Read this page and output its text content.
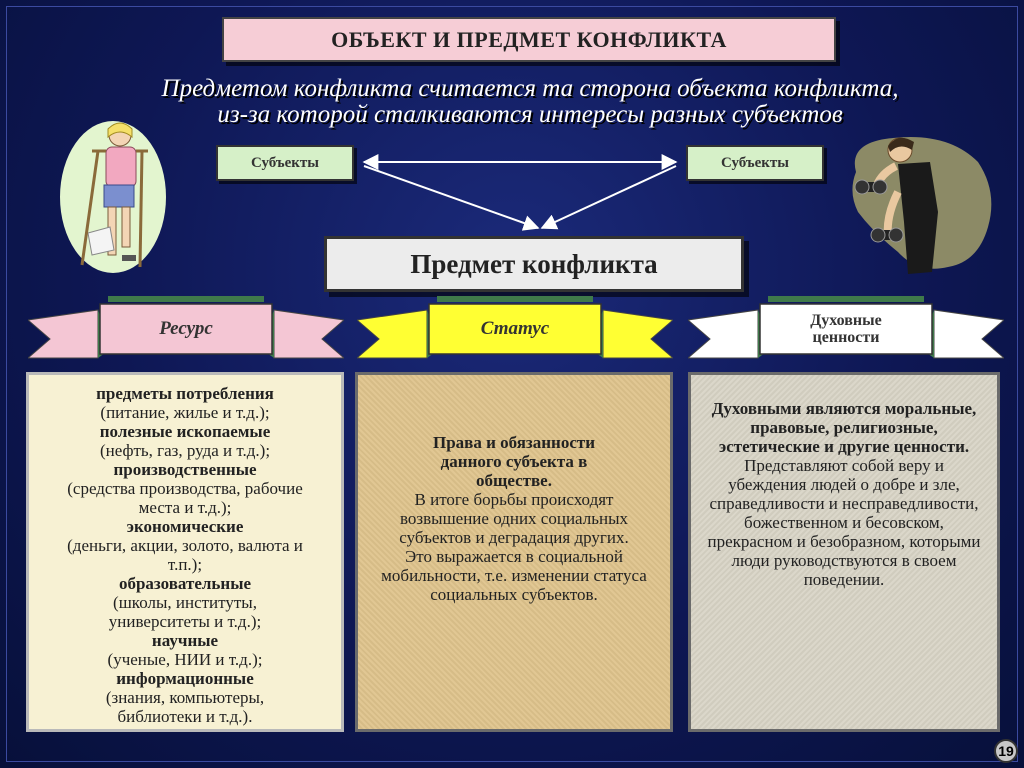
ОБЪЕКТ И ПРЕДМЕТ КОНФЛИКТА
Предметом конфликта считается та сторона объекта конфликта,
из-за которой сталкиваются интересы разных субъектов
Субъекты	Субъекты
Предмет конфликта
Ресурс	Статус	Духовные
ценности
предметы потребления
(питание, жилье и т.д.);
полезные ископаемые
(нефть, газ, руда и т.д.);
производственные
(средства производства, рабочие места и т.д.);
экономические
(деньги, акции, золото, валюта и т.п.);
образовательные
(школы, институты, университеты и т.д.);
научные
(ученые, НИИ и т.д.);
информационные
(знания, компьютеры, библиотеки и т.д.).
Права и обязанности данного субъекта в обществе.
В итоге борьбы происходят возвышение одних социальных субъектов и деградация других.
Это выражается в социальной мобильности, т.е. изменении статуса социальных субъектов.
Духовными являются моральные, правовые, религиозные, эстетические и другие ценности.
Представляют собой веру и убеждения людей о добре и зле, справедливости и несправедливости, божественном и бесовском, прекрасном и безобразном, которыми люди руководствуются в своем поведении.
19
